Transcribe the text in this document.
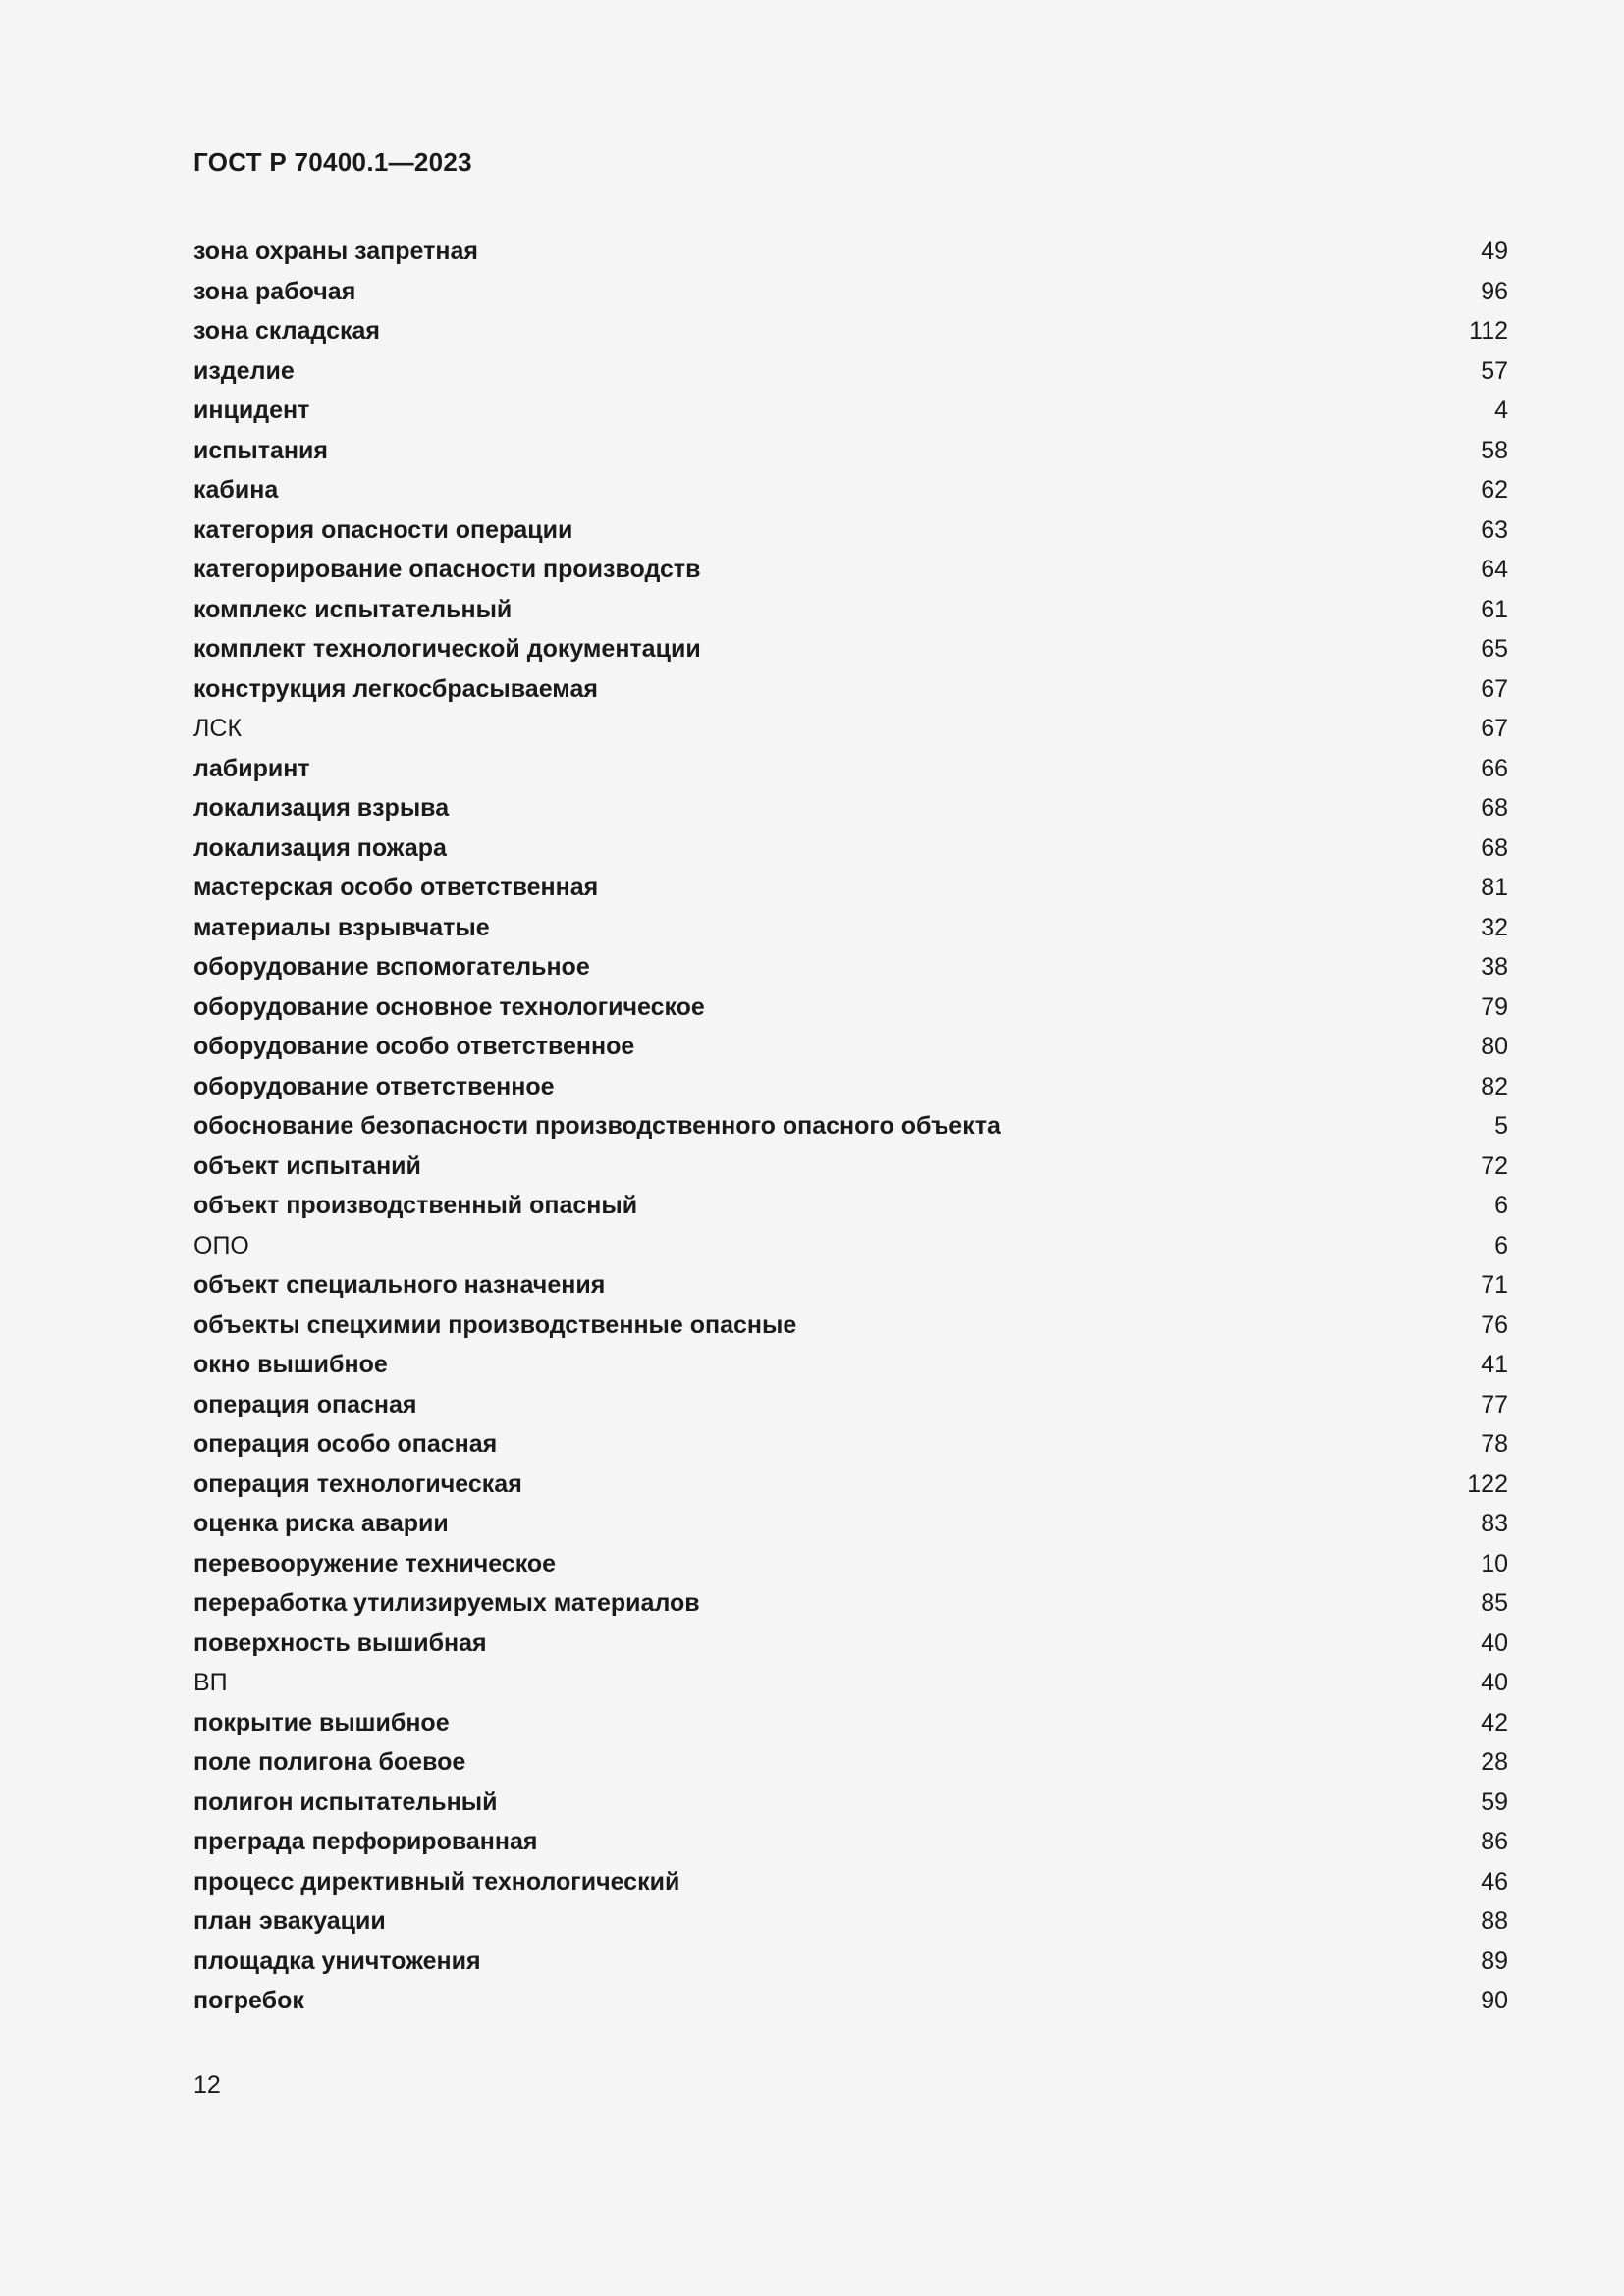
ГОСТ Р 70400.1—2023
зона охраны запретная	49
зона рабочая	96
зона складская	112
изделие	57
инцидент	4
испытания	58
кабина	62
категория опасности операции	63
категорирование опасности производств	64
комплекс испытательный	61
комплект технологической документации	65
конструкция легкосбрасываемая	67
ЛСК	67
лабиринт	66
локализация взрыва	68
локализация пожара	68
мастерская особо ответственная	81
материалы взрывчатые	32
оборудование вспомогательное	38
оборудование основное технологическое	79
оборудование особо ответственное	80
оборудование ответственное	82
обоснование безопасности производственного опасного объекта	5
объект испытаний	72
объект производственный опасный	6
ОПО	6
объект специального назначения	71
объекты спецхимии производственные опасные	76
окно вышибное	41
операция опасная	77
операция особо опасная	78
операция технологическая	122
оценка риска аварии	83
перевооружение техническое	10
переработка утилизируемых материалов	85
поверхность вышибная	40
ВП	40
покрытие вышибное	42
поле полигона боевое	28
полигон испытательный	59
преграда перфорированная	86
процесс директивный технологический	46
план эвакуации	88
площадка уничтожения	89
погребок	90
12
